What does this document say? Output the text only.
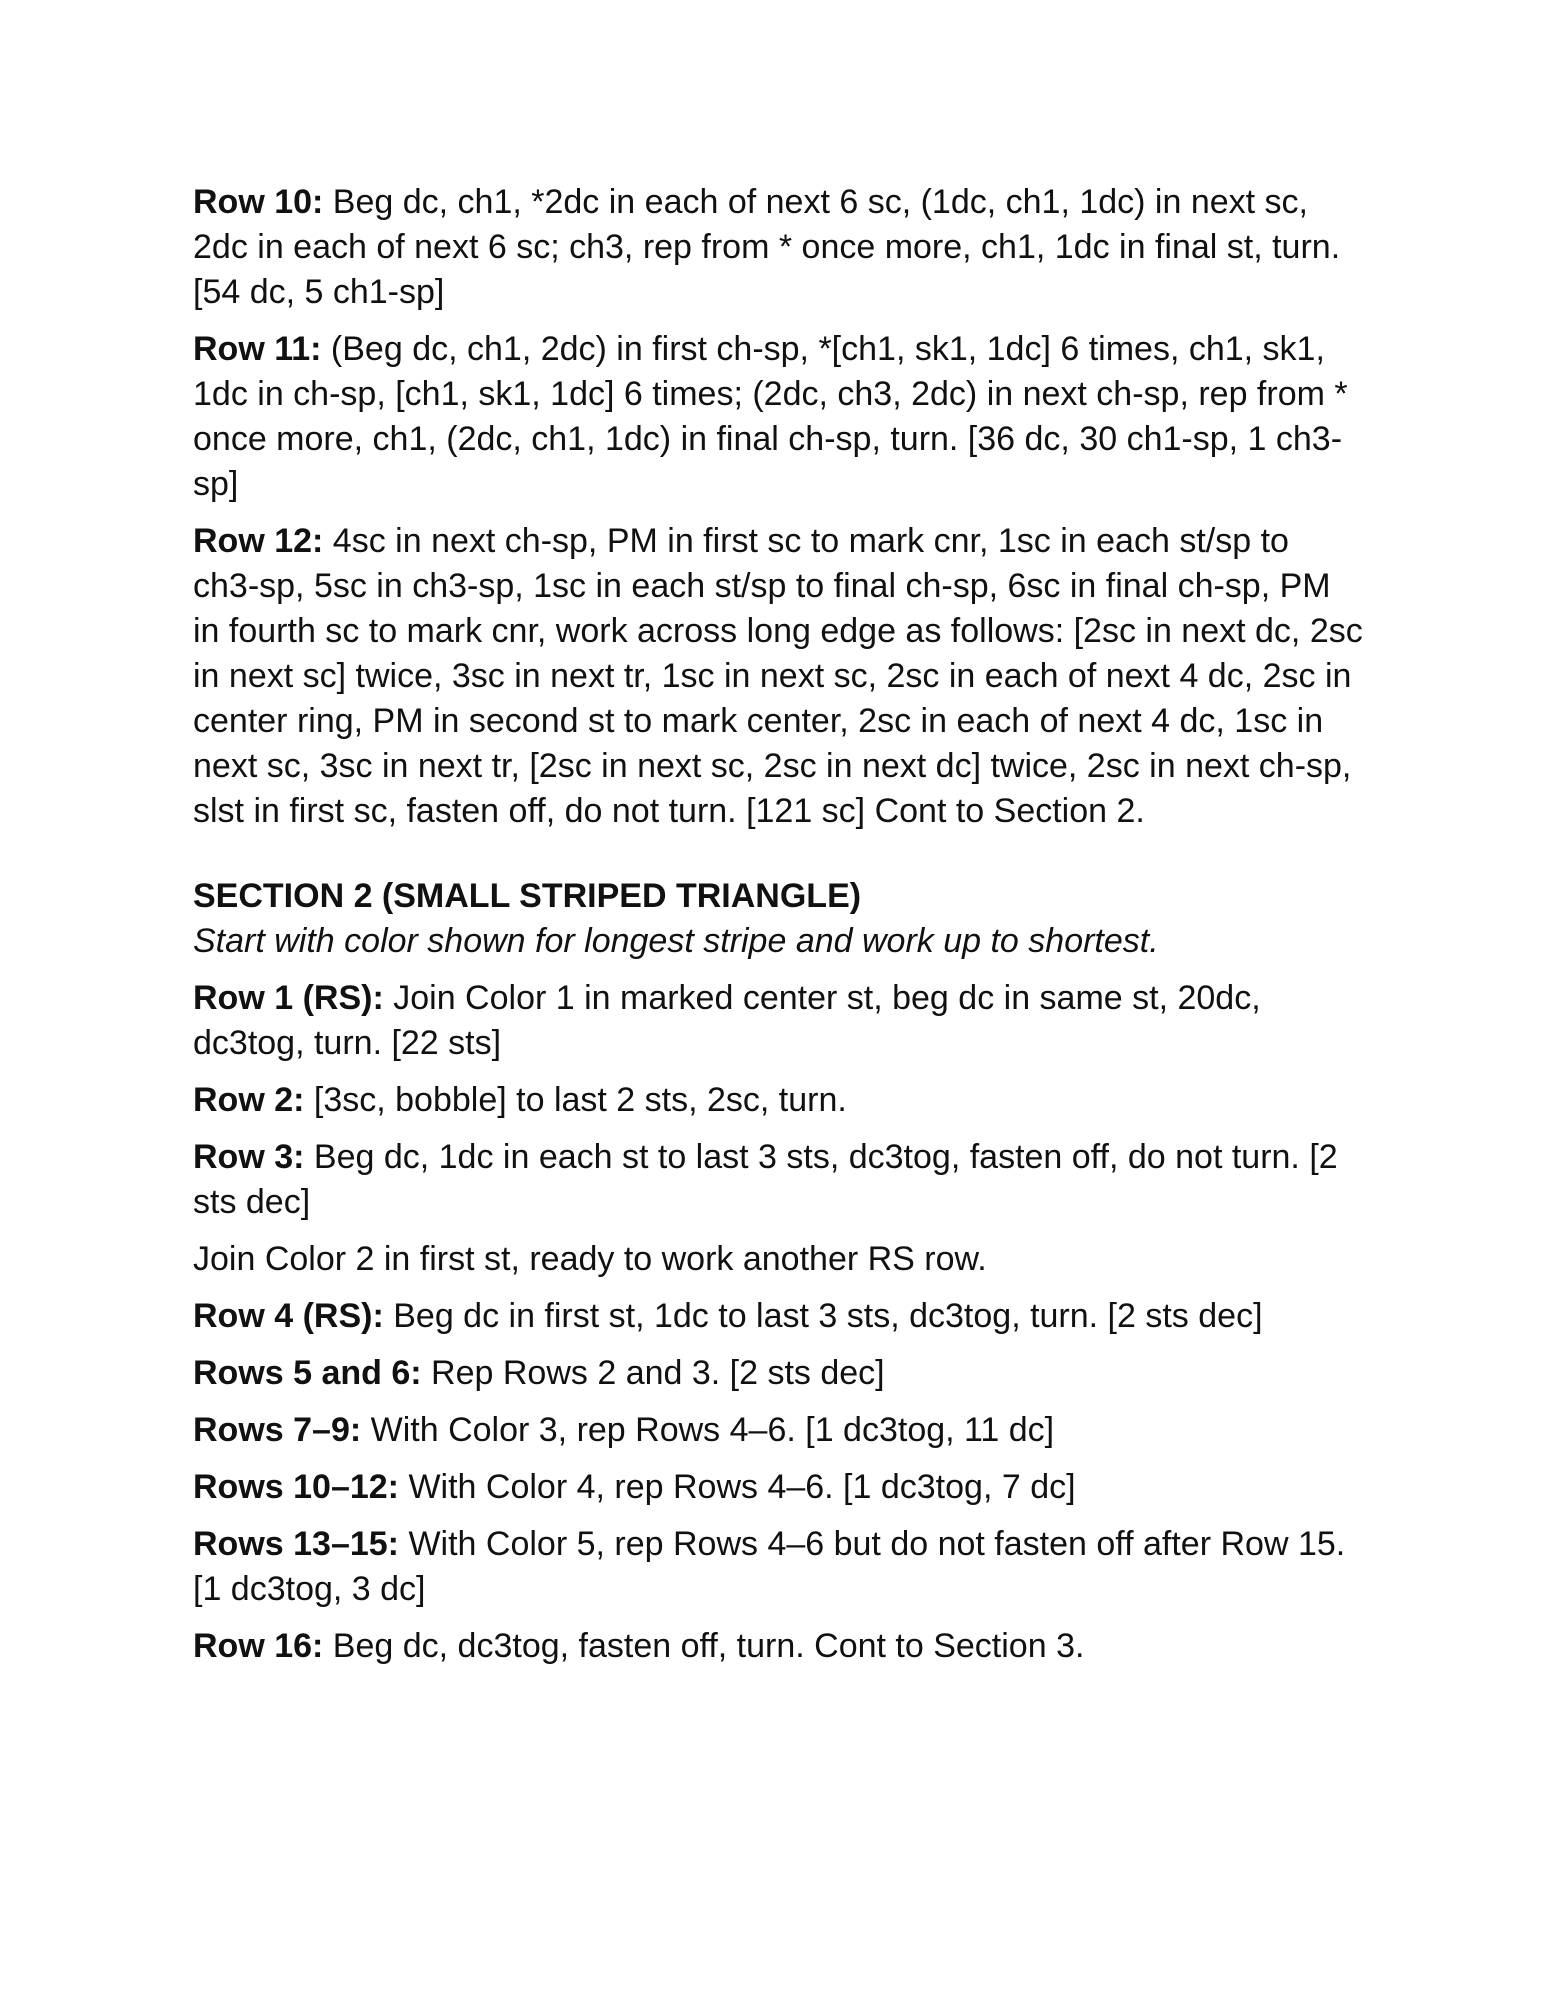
Row 10: Beg dc, ch1, *2dc in each of next 6 sc, (1dc, ch1, 1dc) in next sc, 2dc in each of next 6 sc; ch3, rep from * once more, ch1, 1dc in final st, turn. [54 dc, 5 ch1-sp]

Row 11: (Beg dc, ch1, 2dc) in first ch-sp, *[ch1, sk1, 1dc] 6 times, ch1, sk1, 1dc in ch-sp, [ch1, sk1, 1dc] 6 times; (2dc, ch3, 2dc) in next ch-sp, rep from * once more, ch1, (2dc, ch1, 1dc) in final ch-sp, turn. [36 dc, 30 ch1-sp, 1 ch3-sp]

Row 12: 4sc in next ch-sp, PM in first sc to mark cnr, 1sc in each st/sp to ch3-sp, 5sc in ch3-sp, 1sc in each st/sp to final ch-sp, 6sc in final ch-sp, PM in fourth sc to mark cnr, work across long edge as follows: [2sc in next dc, 2sc in next sc] twice, 3sc in next tr, 1sc in next sc, 2sc in each of next 4 dc, 2sc in center ring, PM in second st to mark center, 2sc in each of next 4 dc, 1sc in next sc, 3sc in next tr, [2sc in next sc, 2sc in next dc] twice, 2sc in next ch-sp, slst in first sc, fasten off, do not turn. [121 sc] Cont to Section 2.

SECTION 2 (SMALL STRIPED TRIANGLE)

Start with color shown for longest stripe and work up to shortest.

Row 1 (RS): Join Color 1 in marked center st, beg dc in same st, 20dc, dc3tog, turn. [22 sts]

Row 2: [3sc, bobble] to last 2 sts, 2sc, turn.

Row 3: Beg dc, 1dc in each st to last 3 sts, dc3tog, fasten off, do not turn. [2 sts dec]

Join Color 2 in first st, ready to work another RS row.

Row 4 (RS): Beg dc in first st, 1dc to last 3 sts, dc3tog, turn. [2 sts dec]

Rows 5 and 6: Rep Rows 2 and 3. [2 sts dec]

Rows 7–9: With Color 3, rep Rows 4–6. [1 dc3tog, 11 dc]

Rows 10–12: With Color 4, rep Rows 4–6. [1 dc3tog, 7 dc]

Rows 13–15: With Color 5, rep Rows 4–6 but do not fasten off after Row 15. [1 dc3tog, 3 dc]

Row 16: Beg dc, dc3tog, fasten off, turn. Cont to Section 3.
